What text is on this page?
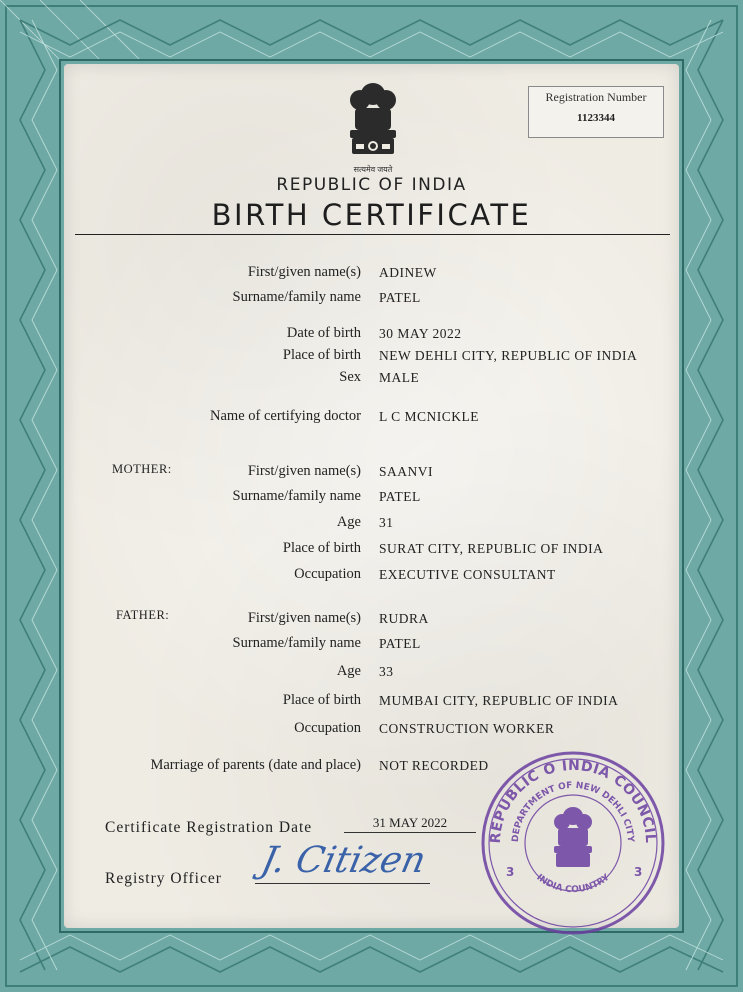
सत्यमेव जयते
Registration Number
1123344
REPUBLIC OF INDIA
BIRTH CERTIFICATE
First/given name(s) ADINEW
Surname/family name PATEL
Date of birth 30 MAY 2022
Place of birth NEW DEHLI CITY, REPUBLIC OF INDIA
Sex MALE
Name of certifying doctor L C MCNICKLE
MOTHER:	First/given name(s) SAANVI
Surname/family name PATEL
Age 31
Place of birth SURAT CITY, REPUBLIC OF INDIA
Occupation EXECUTIVE CONSULTANT
FATHER:	First/given name(s) RUDRA
Surname/family name PATEL
Age 33
Place of birth MUMBAI CITY, REPUBLIC OF INDIA
Occupation CONSTRUCTION WORKER
Marriage of parents (date and place) NOT RECORDED
Certificate Registration Date	31 MAY 2022
Registry Officer J. Citizen
REPUBLIC O INDIA COUNCIL
DEPARTMENT OF NEW DEHLI CITY
INDIA COUNTRY
3	3
